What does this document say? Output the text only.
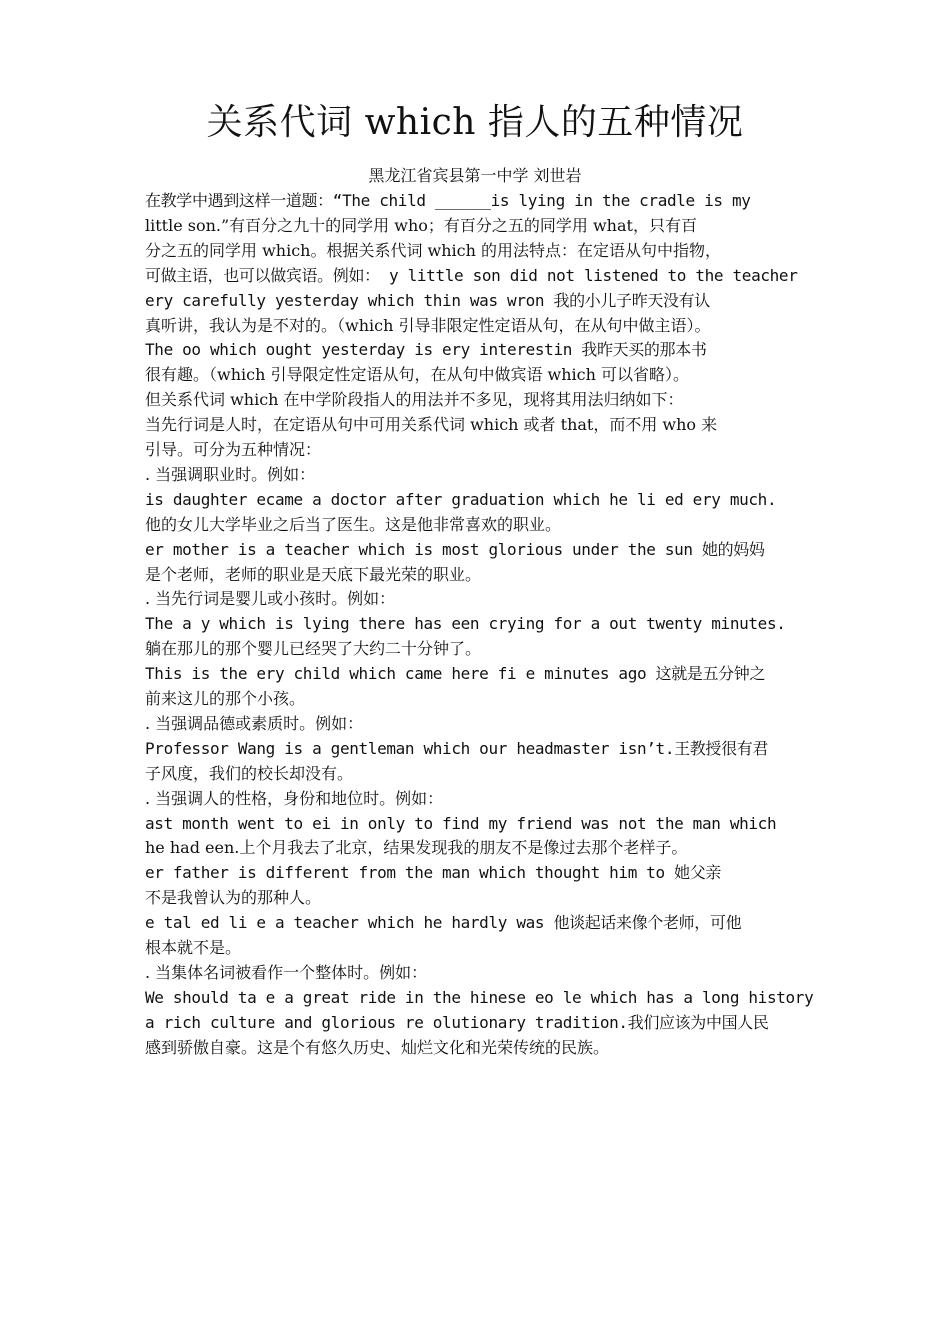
关系代词 which 指人的五种情况
黑龙江省宾县第一中学 刘世岩
在教学中遇到这样一道题：“The child ______is lying in the cradle is my
little son.”有百分之九十的同学用 who；有百分之五的同学用 what，只有百
分之五的同学用 which。根据关系代词 which 的用法特点：在定语从句中指物，
可做主语，也可以做宾语。例如： y little son did not listened to the teacher
ery carefully yesterday which thin was wron 我的小儿子昨天没有认
真听讲，我认为是不对的。（which 引导非限定性定语从句，在从句中做主语）。
The oo which ought yesterday is ery interestin 我昨天买的那本书
很有趣。（which 引导限定性定语从句，在从句中做宾语 which 可以省略）。
但关系代词 which 在中学阶段指人的用法并不多见，现将其用法归纳如下：
当先行词是人时，在定语从句中可用关系代词 which 或者 that，而不用 who 来
引导。可分为五种情况：
. 当强调职业时。例如：
is daughter ecame a doctor after graduation which he li ed ery much.
他的女儿大学毕业之后当了医生。这是他非常喜欢的职业。
er mother is a teacher which is most glorious under the sun 她的妈妈
是个老师，老师的职业是天底下最光荣的职业。
. 当先行词是婴儿或小孩时。例如：
The a y which is lying there has een crying for a out twenty minutes.
躺在那儿的那个婴儿已经哭了大约二十分钟了。
This is the ery child which came here fi e minutes ago 这就是五分钟之
前来这儿的那个小孩。
. 当强调品德或素质时。例如：
Professor Wang is a gentleman which our headmaster isn’t.王教授很有君
子风度，我们的校长却没有。
. 当强调人的性格，身份和地位时。例如：
ast month went to ei in only to find my friend was not the man which
he had een.上个月我去了北京，结果发现我的朋友不是像过去那个老样子。
er father is different from the man which thought him to 她父亲
不是我曾认为的那种人。
e tal ed li e a teacher which he hardly was 他谈起话来像个老师，可他
根本就不是。
. 当集体名词被看作一个整体时。例如：
We should ta e a great ride in the hinese eo le which has a long history
a rich culture and glorious re olutionary tradition.我们应该为中国人民
感到骄傲自豪。这是个有悠久历史、灿烂文化和光荣传统的民族。
